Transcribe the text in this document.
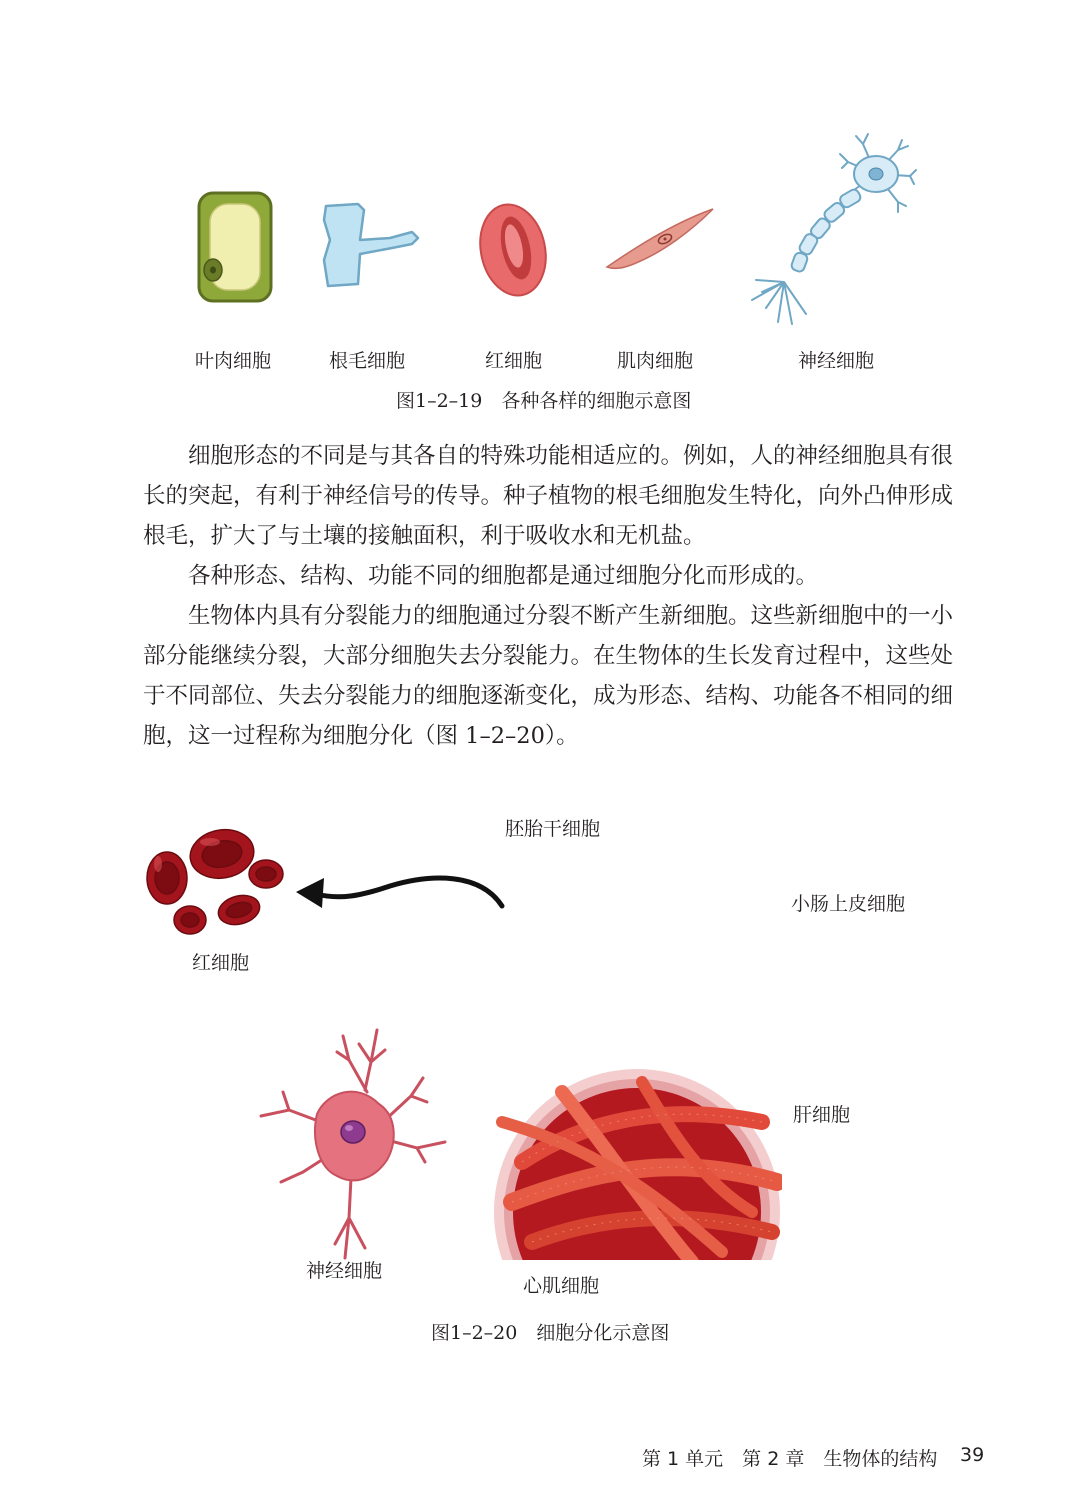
叶肉细胞	根毛细胞	红细胞	肌肉细胞	神经细胞
图1–2–19　各种各样的细胞示意图

细胞形态的不同是与其各自的特殊功能相适应的。例如，人的神经细胞具有很长的突起，有利于神经信号的传导。种子植物的根毛细胞发生特化，向外凸伸形成根毛，扩大了与土壤的接触面积，利于吸收水和无机盐。

各种形态、结构、功能不同的细胞都是通过细胞分化而形成的。

生物体内具有分裂能力的细胞通过分裂不断产生新细胞。这些新细胞中的一小部分能继续分裂，大部分细胞失去分裂能力。在生物体的生长发育过程中，这些处于不同部位、失去分裂能力的细胞逐渐变化，成为形态、结构、功能各不相同的细胞，这一过程称为细胞分化（图 1–2–20）。

胚胎干细胞
红细胞
小肠上皮细胞
肝细胞
神经细胞
心肌细胞
图1–2–20　细胞分化示意图
第 1 单元　第 2 章　生物体的结构 39
